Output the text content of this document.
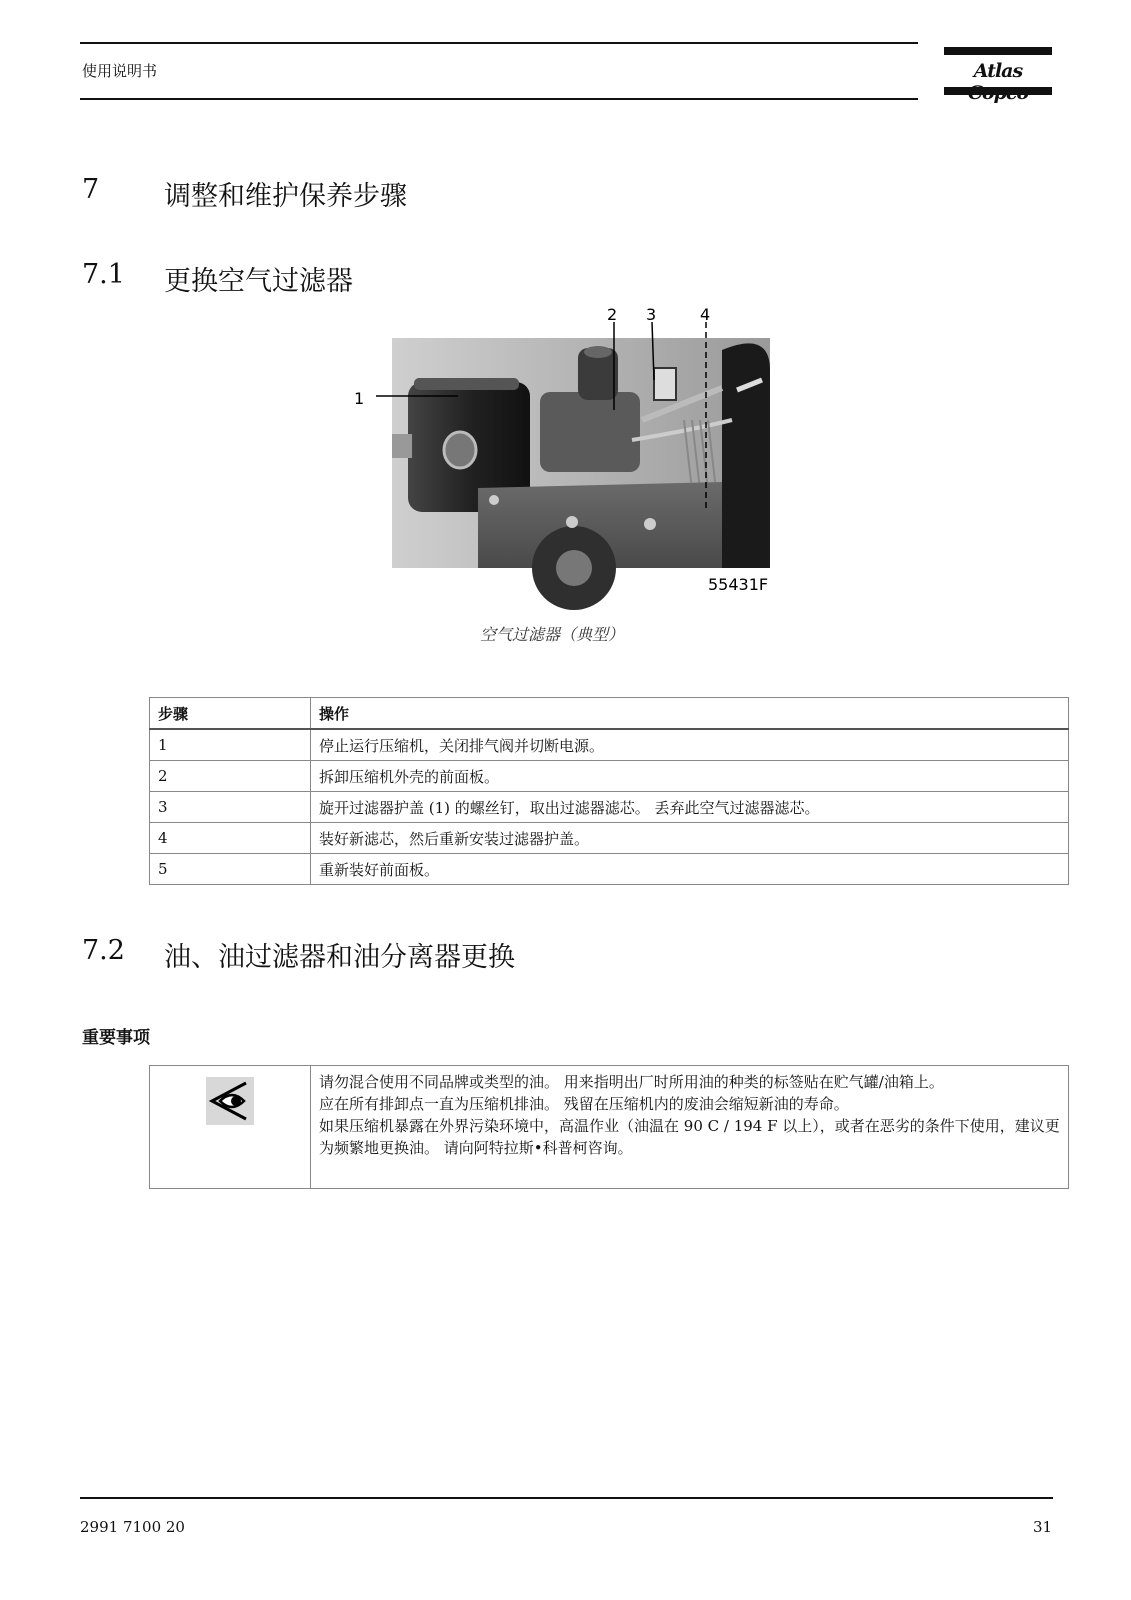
使用说明书	Atlas
7 调整和维护保养步骤
7.1 更换空气过滤器
1
2 3	4
55431F
空气过滤器（典型）
步骤	操作
1	停止运行压缩机，关闭排气阀并切断电源。
2	拆卸压缩机外壳的前面板。
3	旋开过滤器护盖 (1) 的螺丝钉，取出过滤器滤芯。 丢弃此空气过滤器滤芯。
4	装好新滤芯，然后重新安装过滤器护盖。
5	重新装好前面板。
7.2 油、油过滤器和油分离器更换
重要事项

请勿混合使用不同品牌或类型的油。 用来指明出厂时所用油的种类的标签贴在贮气罐/油箱上。
应在所有排卸点一直为压缩机排油。 残留在压缩机内的废油会缩短新油的寿命。
如果压缩机暴露在外界污染环境中，高温作业（油温在 90 C / 194 F 以上），或者在恶劣的条件下使用，建议更为频繁地更换油。 请向阿特拉斯•科普柯咨询。
2991 7100 20	31
